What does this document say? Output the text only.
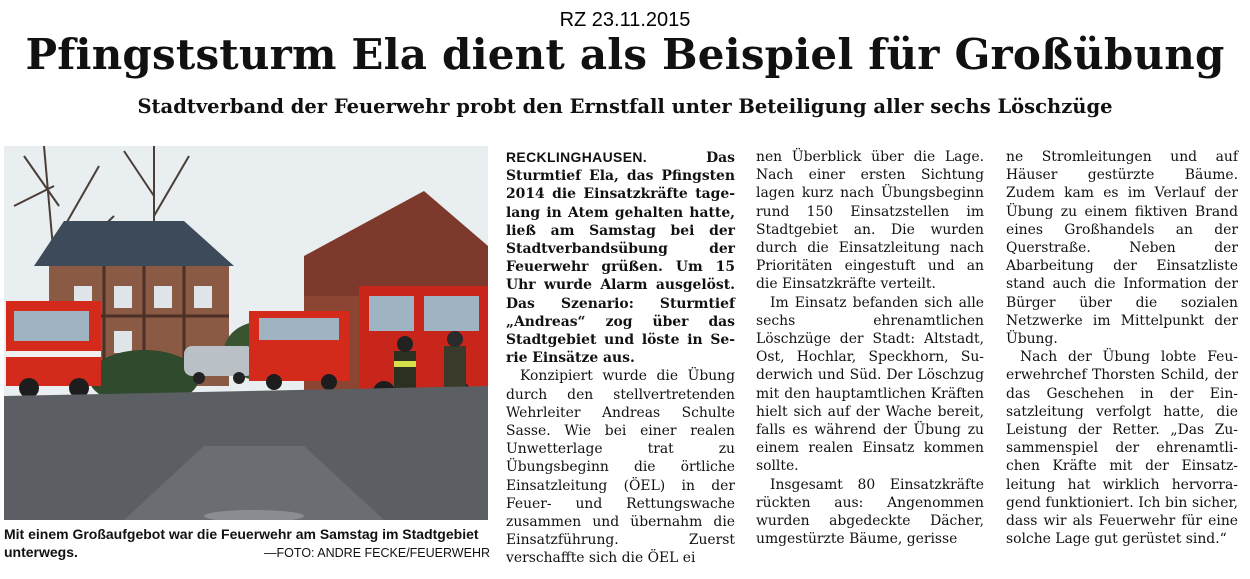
RZ 23.11.2015
Pfingststurm Ela dient als Beispiel für Großübung
Stadtverband der Feuerwehr probt den Ernstfall unter Beteiligung aller sechs Löschzüge
Mit einem Großaufgebot war die Feuerwehr am Samstag im Stadtgebiet unterwegs.	—FOTO: ANDRE FECKE/FEUERWEHR

RECKLINGHAUSEN.	Das Sturmtief Ela, das Pfingsten 2014 die Einsatzkräfte tagelang in Atem gehalten hatte, ließ am Samstag bei der Stadtverbandsübung der Feuerwehr grüßen. Um 15 Uhr wurde Alarm ausgelöst. Das Szenario: Sturmtief „Andreas“ zog über das Stadtgebiet und löste in Serie Einsätze aus.

Konzipiert wurde die Übung durch den stellvertretenden Wehrleiter Andreas Schulte Sasse. Wie bei einer realen Unwetterlage trat zu Übungsbeginn die örtliche Einsatzleitung (ÖEL) in der Feuer- und Rettungswache zusammen und übernahm die Einsatzführung. Zuerst verschaffte sich die ÖEL ei

nen Überblick über die Lage. Nach einer ersten Sichtung lagen kurz nach Übungsbeginn rund 150 Einsatzstellen im Stadtgebiet an. Die wurden durch die Einsatzleitung nach Prioritäten eingestuft und an die Einsatzkräfte verteilt.

Im Einsatz befanden sich alle sechs ehrenamtlichen Löschzüge der Stadt: Altstadt, Ost, Hochlar, Speckhorn, Suderwich und Süd. Der Löschzug mit den hauptamtlichen Kräften hielt sich auf der Wache bereit, falls es während der Übung zu einem realen Einsatz kommen sollte.

Insgesamt 80 Einsatzkräfte rückten aus: Angenommen wurden abgedeckte Dächer, umgestürzte Bäume, gerisse

ne Stromleitungen und auf Häuser gestürzte Bäume. Zudem kam es im Verlauf der Übung zu einem fiktiven Brand eines Großhandels an der Querstraße. Neben der Abarbeitung der Einsatzliste stand auch die Information der Bürger über die sozialen Netzwerke im Mittelpunkt der Übung.

Nach der Übung lobte Feuerwehrchef Thorsten Schild, der das Geschehen in der Einsatzleitung verfolgt hatte, die Leistung der Retter. „Das Zusammenspiel der ehrenamtlichen Kräfte mit der Einsatzleitung hat wirklich hervorragend funktioniert. Ich bin sicher, dass wir als Feuerwehr für eine solche Lage gut gerüstet sind.“
